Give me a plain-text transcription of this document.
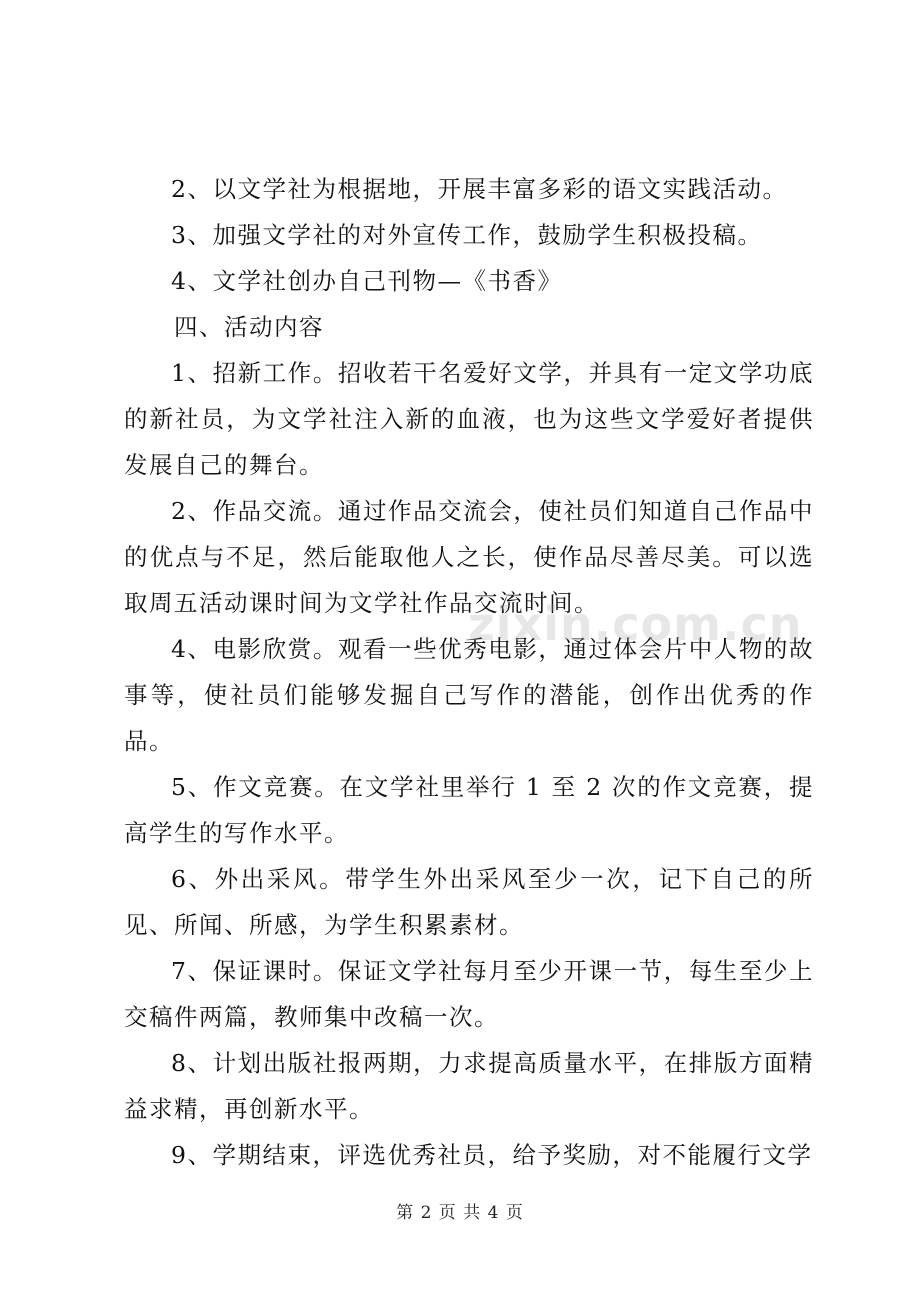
2、以文学社为根据地，开展丰富多彩的语文实践活动。

3、加强文学社的对外宣传工作，鼓励学生积极投稿。

4、文学社创办自己刊物—《书香》

四、活动内容

1、招新工作。招收若干名爱好文学，并具有一定文学功底的新社员，为文学社注入新的血液，也为这些文学爱好者提供发展自己的舞台。

2、作品交流。通过作品交流会，使社员们知道自己作品中的优点与不足，然后能取他人之长，使作品尽善尽美。可以选取周五活动课时间为文学社作品交流时间。

4、电影欣赏。观看一些优秀电影，通过体会片中人物的故事等，使社员们能够发掘自己写作的潜能，创作出优秀的作品。

5、作文竞赛。在文学社里举行 1 至 2 次的作文竞赛，提高学生的写作水平。

6、外出采风。带学生外出采风至少一次，记下自己的所见、所闻、所感，为学生积累素材。

7、保证课时。保证文学社每月至少开课一节，每生至少上交稿件两篇，教师集中改稿一次。

8、计划出版社报两期，力求提高质量水平，在排版方面精益求精，再创新水平。

9、学期结束，评选优秀社员，给予奖励，对不能履行文学

zixin.com.cn
第 2 页 共 4 页
